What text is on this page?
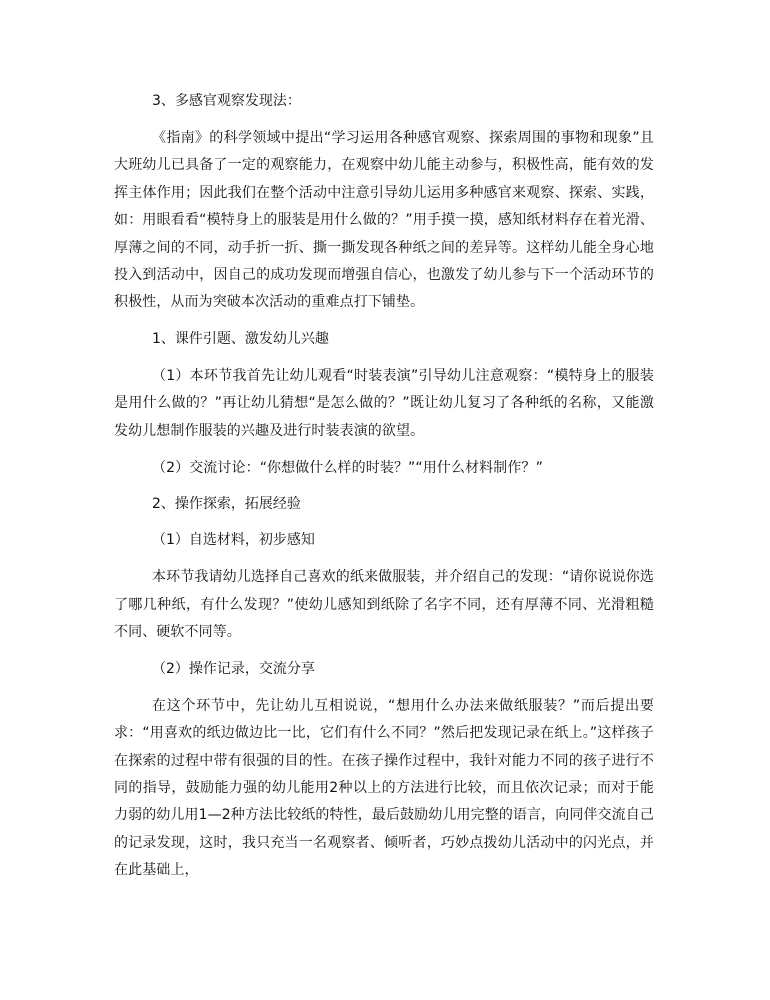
3、多感官观察发现法：

《指南》的科学领域中提出“学习运用各种感官观察、探索周围的事物和现象”且大班幼儿已具备了一定的观察能力，在观察中幼儿能主动参与，积极性高，能有效的发挥主体作用；因此我们在整个活动中注意引导幼儿运用多种感官来观察、探索、实践，如：用眼看看“模特身上的服装是用什么做的？”用手摸一摸，感知纸材料存在着光滑、厚薄之间的不同，动手折一折、撕一撕发现各种纸之间的差异等。这样幼儿能全身心地投入到活动中，因自己的成功发现而增强自信心，也激发了幼儿参与下一个活动环节的积极性，从而为突破本次活动的重难点打下铺垫。

1、课件引题、激发幼儿兴趣

（1）本环节我首先让幼儿观看“时装表演”引导幼儿注意观察：“模特身上的服装是用什么做的？”再让幼儿猜想“是怎么做的？”既让幼儿复习了各种纸的名称，又能激发幼儿想制作服装的兴趣及进行时装表演的欲望。

（2）交流讨论：“你想做什么样的时装？”“用什么材料制作？”

2、操作探索，拓展经验

（1）自选材料，初步感知

本环节我请幼儿选择自己喜欢的纸来做服装，并介绍自己的发现：“请你说说你选了哪几种纸，有什么发现？”使幼儿感知到纸除了名字不同，还有厚薄不同、光滑粗糙不同、硬软不同等。

（2）操作记录，交流分享

在这个环节中，先让幼儿互相说说，“想用什么办法来做纸服装？”而后提出要求：“用喜欢的纸边做边比一比，它们有什么不同？”然后把发现记录在纸上。”这样孩子在探索的过程中带有很强的目的性。在孩子操作过程中，我针对能力不同的孩子进行不同的指导，鼓励能力强的幼儿能用2种以上的方法进行比较，而且依次记录；而对于能力弱的幼儿用1—2种方法比较纸的特性，最后鼓励幼儿用完整的语言，向同伴交流自己的记录发现，这时，我只充当一名观察者、倾听者，巧妙点拨幼儿活动中的闪光点，并在此基础上，
